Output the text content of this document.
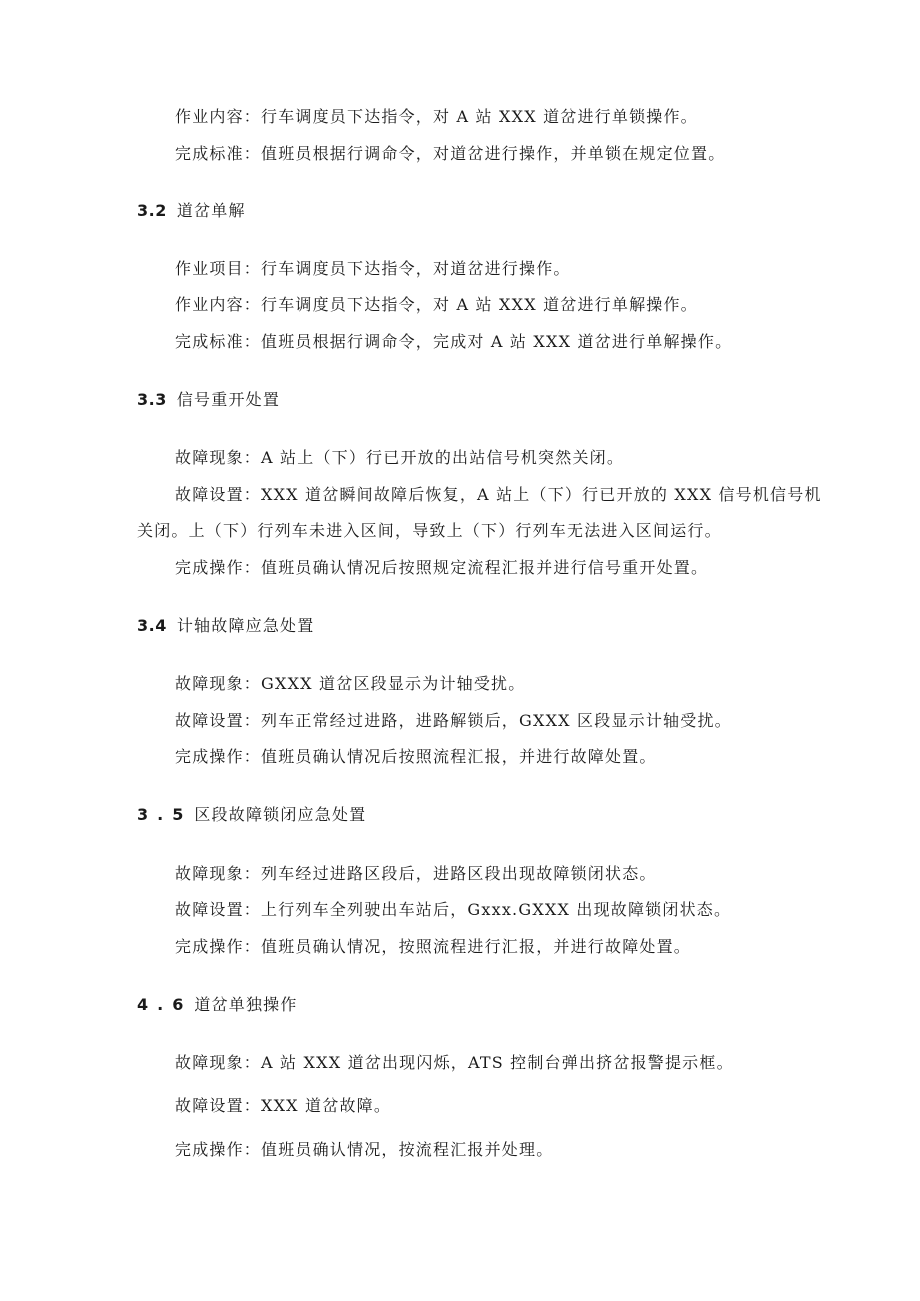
作业内容：行车调度员下达指令，对 A 站 XXX 道岔进行单锁操作。
完成标准：值班员根据行调命令，对道岔进行操作，并单锁在规定位置。
3.2 道岔单解
作业项目：行车调度员下达指令，对道岔进行操作。
作业内容：行车调度员下达指令，对 A 站 XXX 道岔进行单解操作。
完成标准：值班员根据行调命令，完成对 A 站 XXX 道岔进行单解操作。
3.3 信号重开处置
故障现象：A 站上（下）行已开放的出站信号机突然关闭。
故障设置：XXX 道岔瞬间故障后恢复，A 站上（下）行已开放的 XXX 信号机信号机
关闭。上（下）行列车未进入区间，导致上（下）行列车无法进入区间运行。
完成操作：值班员确认情况后按照规定流程汇报并进行信号重开处置。
3.4 计轴故障应急处置
故障现象：GXXX 道岔区段显示为计轴受扰。
故障设置：列车正常经过进路，进路解锁后，GXXX 区段显示计轴受扰。
完成操作：值班员确认情况后按照流程汇报，并进行故障处置。
3.5 区段故障锁闭应急处置
故障现象：列车经过进路区段后，进路区段出现故障锁闭状态。
故障设置：上行列车全列驶出车站后，Gxxx.GXXX 出现故障锁闭状态。
完成操作：值班员确认情况，按照流程进行汇报，并进行故障处置。
4.6 道岔单独操作
故障现象：A 站 XXX 道岔出现闪烁，ATS 控制台弹出挤岔报警提示框。
故障设置：XXX 道岔故障。
完成操作：值班员确认情况，按流程汇报并处理。
